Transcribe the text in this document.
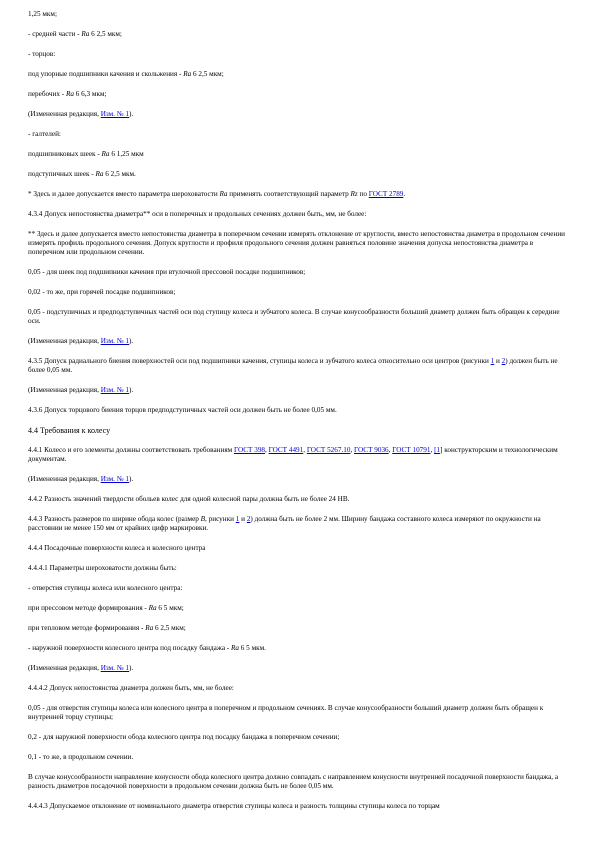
1,25 мкм;

- средней части - Ra 6 2,5 мкм;

- торцов:

под упорные подшипники качения и скольжения - Ra 6 2,5 мкм;

перебочих - Ra 6 6,3 мкм;

(Измененная редакция, Изм. № 1).

- галтелей:

подшипниковых шеек - Ra 6 1,25 мкм

подступичных шеек - Ra 6 2,5 мкм.

* Здесь и далее допускается вместо параметра шероховатости Ra применять соответствующий параметр Rz по ГОСТ 2789.

4.3.4 Допуск непостоянства диаметра** оси в поперечных и продольных сечениях должен быть, мм, не более:

** Здесь и далее допускается вместо непостоянства диаметра в поперечном сечении измерять отклонение от круглости, вместо непостоянства диаметра в продольном сечении измерять профиль продольного сечения. Допуск круглости и профиля продольного сечения должен равняться половине значения допуска непостоянства диаметра в поперечном или продольном сечении.

0,05 - для шеек под подшипники качения при втулочной прессовой посадке подшипников;

0,02 - то же, при горячей посадке подшипников;

0,05 - подступичных и предподступичных частей оси под ступицу колеса и зубчатого колеса. В случае конусообразности больший диаметр должен быть обращен к середине оси.

(Измененная редакция, Изм. № 1).

4.3.5 Допуск радиального биения поверхностей оси под подшипники качения, ступицы колеса и зубчатого колеса относительно оси центров (рисунки 1 и 2) должен быть не более 0,05 мм.

(Измененная редакция, Изм. № 1).

4.3.6 Допуск торцового биения торцов предподступичных частей оси должен быть не более 0,05 мм.

4.4 Требования к колесу

4.4.1 Колесо и его элементы должны соответствовать требованиям ГОСТ 398, ГОСТ 4491, ГОСТ 5267.10, ГОСТ 9036, ГОСТ 10791, [1] конструкторским и технологическим документам.

(Измененная редакция, Изм. № 1).

4.4.2 Разность значений твердости обольев колес для одной колесной пары должна быть не более 24 НВ.

4.4.3 Разность размеров по ширине обода колес (размер B, рисунки 1 и 2) должна быть не более 2 мм. Ширину бандажа составного колеса измеряют по окружности на расстоянии не менее 150 мм от крайних цифр маркировки.

4.4.4 Посадочные поверхности колеса и колесного центра

4.4.4.1 Параметры шероховатости должны быть:

- отверстия ступицы колеса или колесного центра:

при прессовом методе формирования - Ra 6 5 мкм;

при тепловом методе формирования - Ra 6 2,5 мкм;

- наружной поверхности колесного центра под посадку бандажа - Ra 6 5 мкм.

(Измененная редакция, Изм. № 1).

4.4.4.2 Допуск непостоянства диаметра должен быть, мм, не более:

0,05 - для отверстия ступицы колеса или колесного центра в поперечном и продольном сечениях. В случае конусообразности больший диаметр должен быть обращен к внутренней торцу ступицы;

0,2 - для наружной поверхности обода колесного центра под посадку бандажа в поперечном сечении;

0,1 - то же, в продольном сечении.

В случае конусообразности направление конусности обода колесного центра должно совпадать с направлением конусности внутренней посадочной поверхности бандажа, а разность диаметров посадочной поверхности в продольном сечении должна быть не более 0,05 мм.

4.4.4.3 Допускаемое отклонение от номинального диаметра отверстия ступицы колеса и разность толщины ступицы колеса по торцам
